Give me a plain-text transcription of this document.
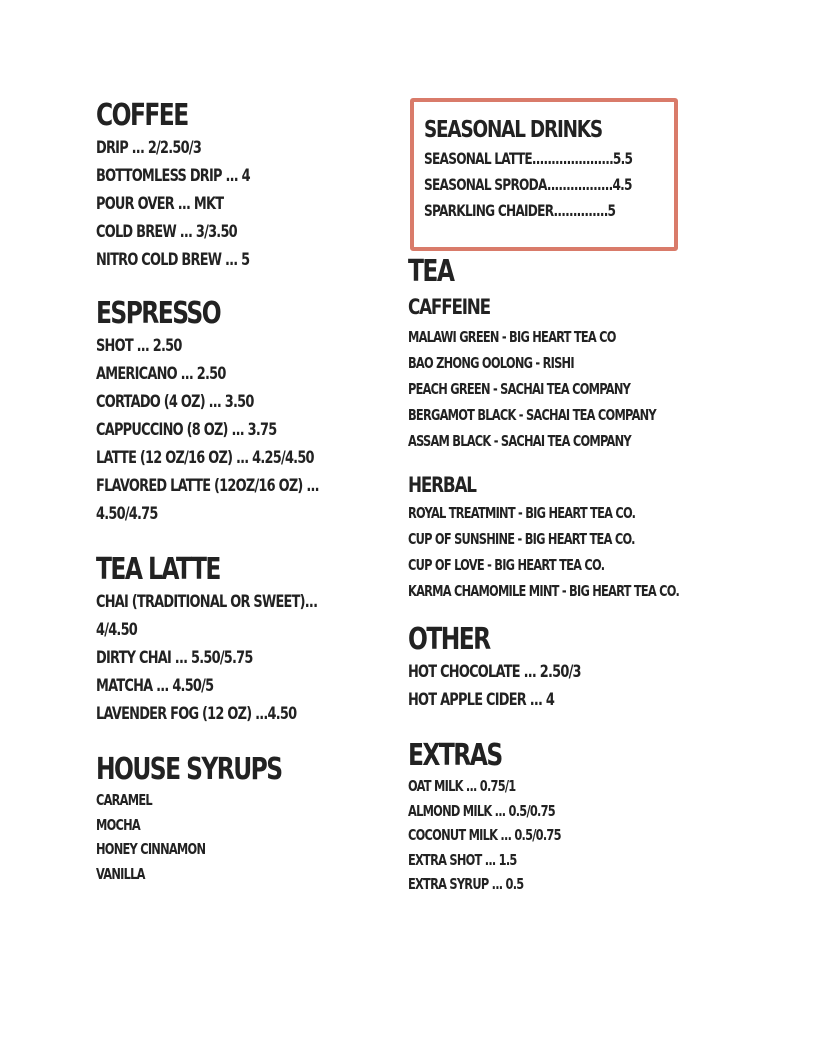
COFFEE
DRIP ... 2/2.50/3
BOTTOMLESS DRIP ... 4
POUR OVER ... MKT
COLD BREW ... 3/3.50
NITRO COLD BREW ... 5
ESPRESSO
SHOT ... 2.50
AMERICANO ... 2.50
CORTADO (4 OZ) ... 3.50
CAPPUCCINO (8 OZ) ... 3.75
LATTE (12 OZ/16 OZ) ... 4.25/4.50
FLAVORED LATTE (12OZ/16 OZ) ...
4.50/4.75
TEA LATTE
CHAI (TRADITIONAL OR SWEET)...
4/4.50
DIRTY CHAI ... 5.50/5.75
MATCHA ... 4.50/5
LAVENDER FOG (12 OZ) ...4.50
HOUSE SYRUPS
CARAMEL
MOCHA
HONEY CINNAMON
VANILLA
SEASONAL DRINKS
SEASONAL LATTE.....................5.5
SEASONAL SPRODA.................4.5
SPARKLING CHAIDER..............5
TEA
CAFFEINE
MALAWI GREEN - BIG HEART TEA CO
BAO ZHONG OOLONG - RISHI
PEACH GREEN - SACHAI TEA COMPANY
BERGAMOT BLACK - SACHAI TEA COMPANY
ASSAM BLACK - SACHAI TEA COMPANY
HERBAL
ROYAL TREATMINT - BIG HEART TEA CO.
CUP OF SUNSHINE - BIG HEART TEA CO.
CUP OF LOVE - BIG HEART TEA CO.
KARMA CHAMOMILE MINT - BIG HEART TEA CO.
OTHER
HOT CHOCOLATE ... 2.50/3
HOT APPLE CIDER ... 4
EXTRAS
OAT MILK ... 0.75/1
ALMOND MILK ... 0.5/0.75
COCONUT MILK ... 0.5/0.75
EXTRA SHOT ... 1.5
EXTRA SYRUP ... 0.5
